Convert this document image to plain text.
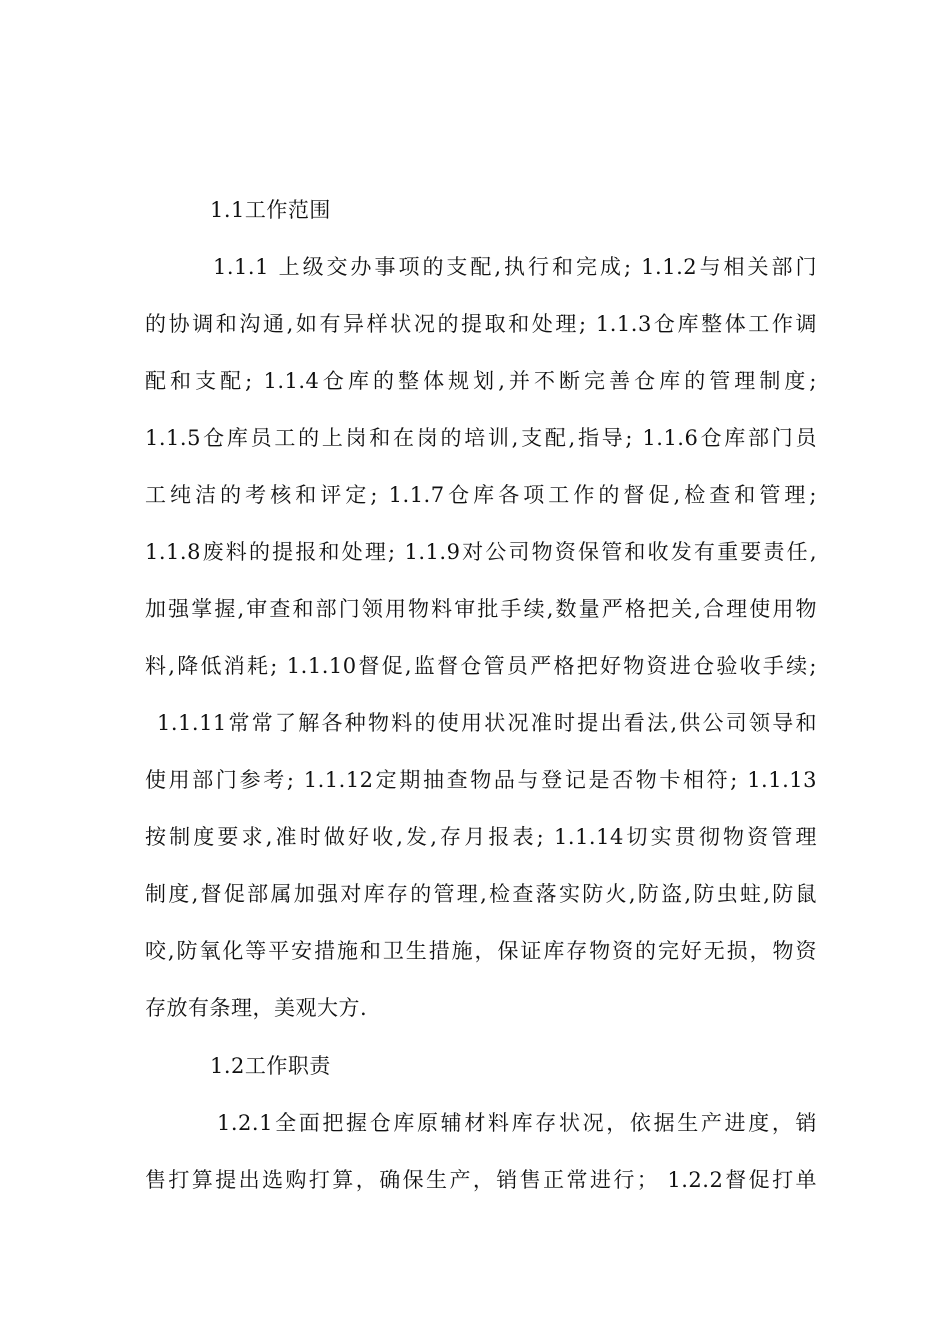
1.1工作范围
1.1.1 上级交办事项的支配,执行和完成; 1.1.2与相关部门
的协调和沟通,如有异样状况的提取和处理; 1.1.3仓库整体工作调
配和支配; 1.1.4仓库的整体规划,并不断完善仓库的管理制度;
1.1.5仓库员工的上岗和在岗的培训,支配,指导; 1.1.6仓库部门员
工纯洁的考核和评定; 1.1.7仓库各项工作的督促,检查和管理;
1.1.8废料的提报和处理; 1.1.9对公司物资保管和收发有重要责任,
加强掌握,审查和部门领用物料审批手续,数量严格把关,合理使用物
料,降低消耗; 1.1.10督促,监督仓管员严格把好物资进仓验收手续;
1.1.11常常了解各种物料的使用状况准时提出看法,供公司领导和
使用部门参考; 1.1.12定期抽查物品与登记是否物卡相符; 1.1.13
按制度要求,准时做好收,发,存月报表; 1.1.14切实贯彻物资管理
制度,督促部属加强对库存的管理,检查落实防火,防盗,防虫蛀,防鼠
咬,防氧化等平安措施和卫生措施，保证库存物资的完好无损，物资
存放有条理，美观大方.
1.2工作职责
1.2.1全面把握仓库原辅材料库存状况，依据生产进度，销
售打算提出选购打算，确保生产，销售正常进行； 1.2.2督促打单
